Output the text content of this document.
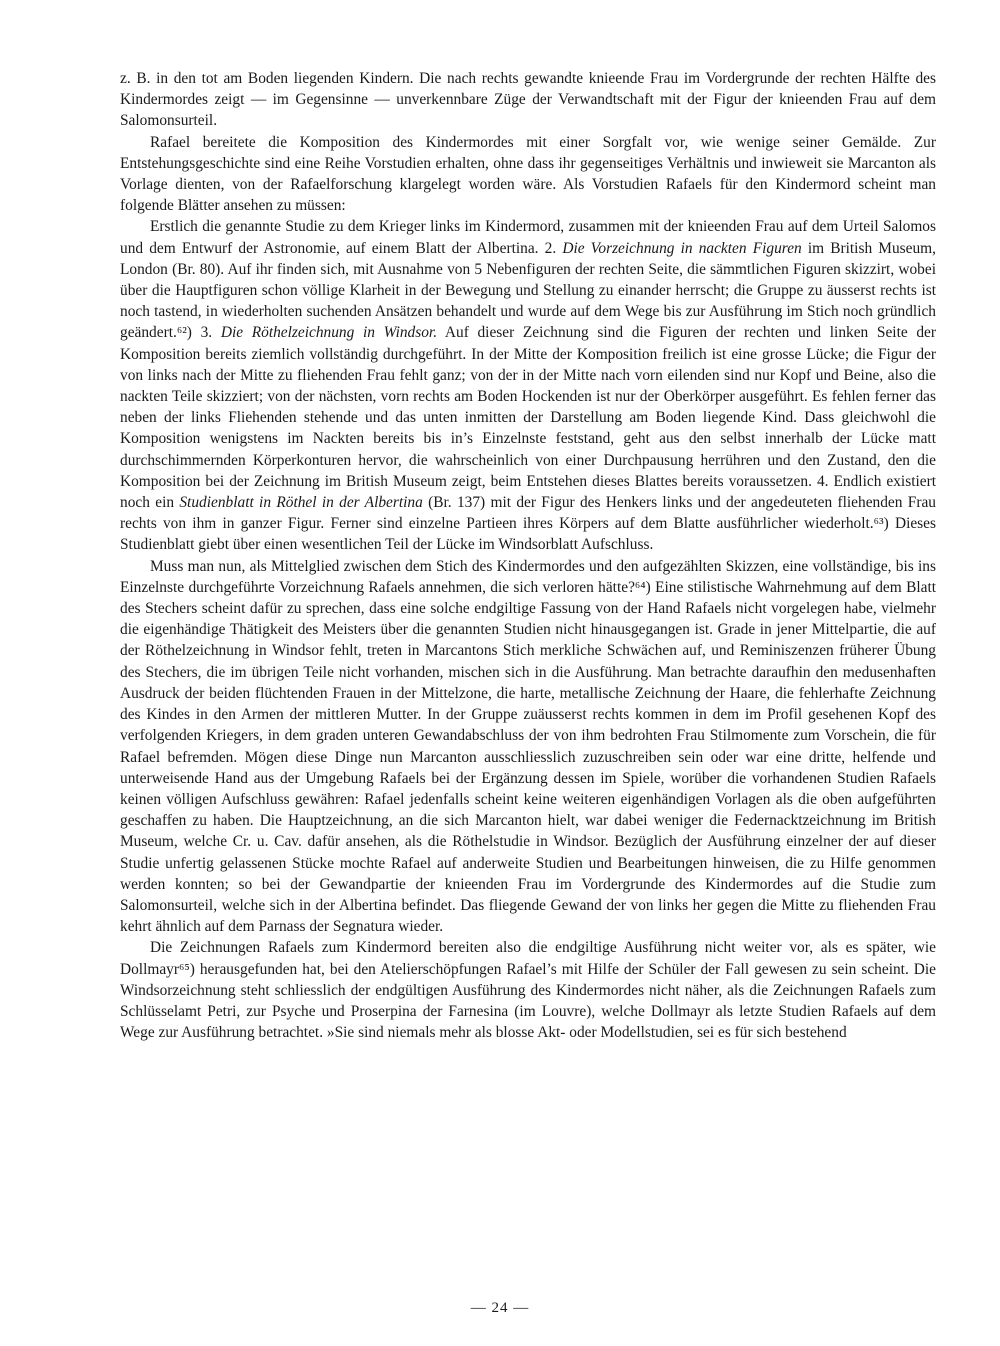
z. B. in den tot am Boden liegenden Kindern. Die nach rechts gewandte knieende Frau im Vordergrunde der rechten Hälfte des Kindermordes zeigt — im Gegensinne — unverkennbare Züge der Verwandtschaft mit der Figur der knieenden Frau auf dem Salomonsurteil.

Rafael bereitete die Komposition des Kindermordes mit einer Sorgfalt vor, wie wenige seiner Gemälde. Zur Entstehungsgeschichte sind eine Reihe Vorstudien erhalten, ohne dass ihr gegenseitiges Verhältnis und inwieweit sie Marcanton als Vorlage dienten, von der Rafaelforschung klargelegt worden wäre. Als Vorstudien Rafaels für den Kindermord scheint man folgende Blätter ansehen zu müssen:

Erstlich die genannte Studie zu dem Krieger links im Kindermord, zusammen mit der knieenden Frau auf dem Urteil Salomos und dem Entwurf der Astronomie, auf einem Blatt der Albertina. 2. Die Vorzeichnung in nackten Figuren im British Museum, London (Br. 80). Auf ihr finden sich, mit Ausnahme von 5 Nebenfiguren der rechten Seite, die sämmtlichen Figuren skizzirt, wobei über die Hauptfiguren schon völlige Klarheit in der Bewegung und Stellung zu einander herrscht; die Gruppe zu äusserst rechts ist noch tastend, in wiederholten suchenden Ansätzen behandelt und wurde auf dem Wege bis zur Ausführung im Stich noch gründlich geändert.⁶²) 3. Die Röthelzeichnung in Windsor. Auf dieser Zeichnung sind die Figuren der rechten und linken Seite der Komposition bereits ziemlich vollständig durchgeführt. In der Mitte der Komposition freilich ist eine grosse Lücke; die Figur der von links nach der Mitte zu fliehenden Frau fehlt ganz; von der in der Mitte nach vorn eilenden sind nur Kopf und Beine, also die nackten Teile skizziert; von der nächsten, vorn rechts am Boden Hockenden ist nur der Oberkörper ausgeführt. Es fehlen ferner das neben der links Fliehenden stehende und das unten inmitten der Darstellung am Boden liegende Kind. Dass gleichwohl die Komposition wenigstens im Nackten bereits bis in’s Einzelnste feststand, geht aus den selbst innerhalb der Lücke matt durchschimmernden Körperkonturen hervor, die wahrscheinlich von einer Durchpausung herrühren und den Zustand, den die Komposition bei der Zeichnung im British Museum zeigt, beim Entstehen dieses Blattes bereits voraussetzen. 4. Endlich existiert noch ein Studienblatt in Röthel in der Albertina (Br. 137) mit der Figur des Henkers links und der angedeuteten fliehenden Frau rechts von ihm in ganzer Figur. Ferner sind einzelne Partieen ihres Körpers auf dem Blatte ausführlicher wiederholt.⁶³) Dieses Studienblatt giebt über einen wesentlichen Teil der Lücke im Windsorblatt Aufschluss.

Muss man nun, als Mittelglied zwischen dem Stich des Kindermordes und den aufgezählten Skizzen, eine vollständige, bis ins Einzelnste durchgeführte Vorzeichnung Rafaels annehmen, die sich verloren hätte?⁶⁴) Eine stilistische Wahrnehmung auf dem Blatt des Stechers scheint dafür zu sprechen, dass eine solche endgiltige Fassung von der Hand Rafaels nicht vorgelegen habe, vielmehr die eigenhändige Thätigkeit des Meisters über die genannten Studien nicht hinausgegangen ist. Grade in jener Mittelpartie, die auf der Röthelzeichnung in Windsor fehlt, treten in Marcantons Stich merkliche Schwächen auf, und Reminiszenzen früherer Übung des Stechers, die im übrigen Teile nicht vorhanden, mischen sich in die Ausführung. Man betrachte daraufhin den medusenhaften Ausdruck der beiden flüchtenden Frauen in der Mittelzone, die harte, metallische Zeichnung der Haare, die fehlerhafte Zeichnung des Kindes in den Armen der mittleren Mutter. In der Gruppe zuäusserst rechts kommen in dem im Profil gesehenen Kopf des verfolgenden Kriegers, in dem graden unteren Gewandabschluss der von ihm bedrohten Frau Stilmomente zum Vorschein, die für Rafael befremden. Mögen diese Dinge nun Marcanton ausschliesslich zuzuschreiben sein oder war eine dritte, helfende und unterweisende Hand aus der Umgebung Rafaels bei der Ergänzung dessen im Spiele, worüber die vorhandenen Studien Rafaels keinen völligen Aufschluss gewähren: Rafael jedenfalls scheint keine weiteren eigenhändigen Vorlagen als die oben aufgeführten geschaffen zu haben. Die Hauptzeichnung, an die sich Marcanton hielt, war dabei weniger die Federnacktzeichnung im British Museum, welche Cr. u. Cav. dafür ansehen, als die Röthelstudie in Windsor. Bezüglich der Ausführung einzelner der auf dieser Studie unfertig gelassenen Stücke mochte Rafael auf anderweite Studien und Bearbeitungen hinweisen, die zu Hilfe genommen werden konnten; so bei der Gewandpartie der knieenden Frau im Vordergrunde des Kindermordes auf die Studie zum Salomonsurteil, welche sich in der Albertina befindet. Das fliegende Gewand der von links her gegen die Mitte zu fliehenden Frau kehrt ähnlich auf dem Parnass der Segnatura wieder.

Die Zeichnungen Rafaels zum Kindermord bereiten also die endgiltige Ausführung nicht weiter vor, als es später, wie Dollmayr⁶⁵) herausgefunden hat, bei den Atelierschöpfungen Rafael’s mit Hilfe der Schüler der Fall gewesen zu sein scheint. Die Windsorzeichnung steht schliesslich der endgültigen Ausführung des Kindermordes nicht näher, als die Zeichnungen Rafaels zum Schlüsselamt Petri, zur Psyche und Proserpina der Farnesina (im Louvre), welche Dollmayr als letzte Studien Rafaels auf dem Wege zur Ausführung betrachtet. »Sie sind niemals mehr als blosse Akt- oder Modellstudien, sei es für sich bestehend

— 24 —
